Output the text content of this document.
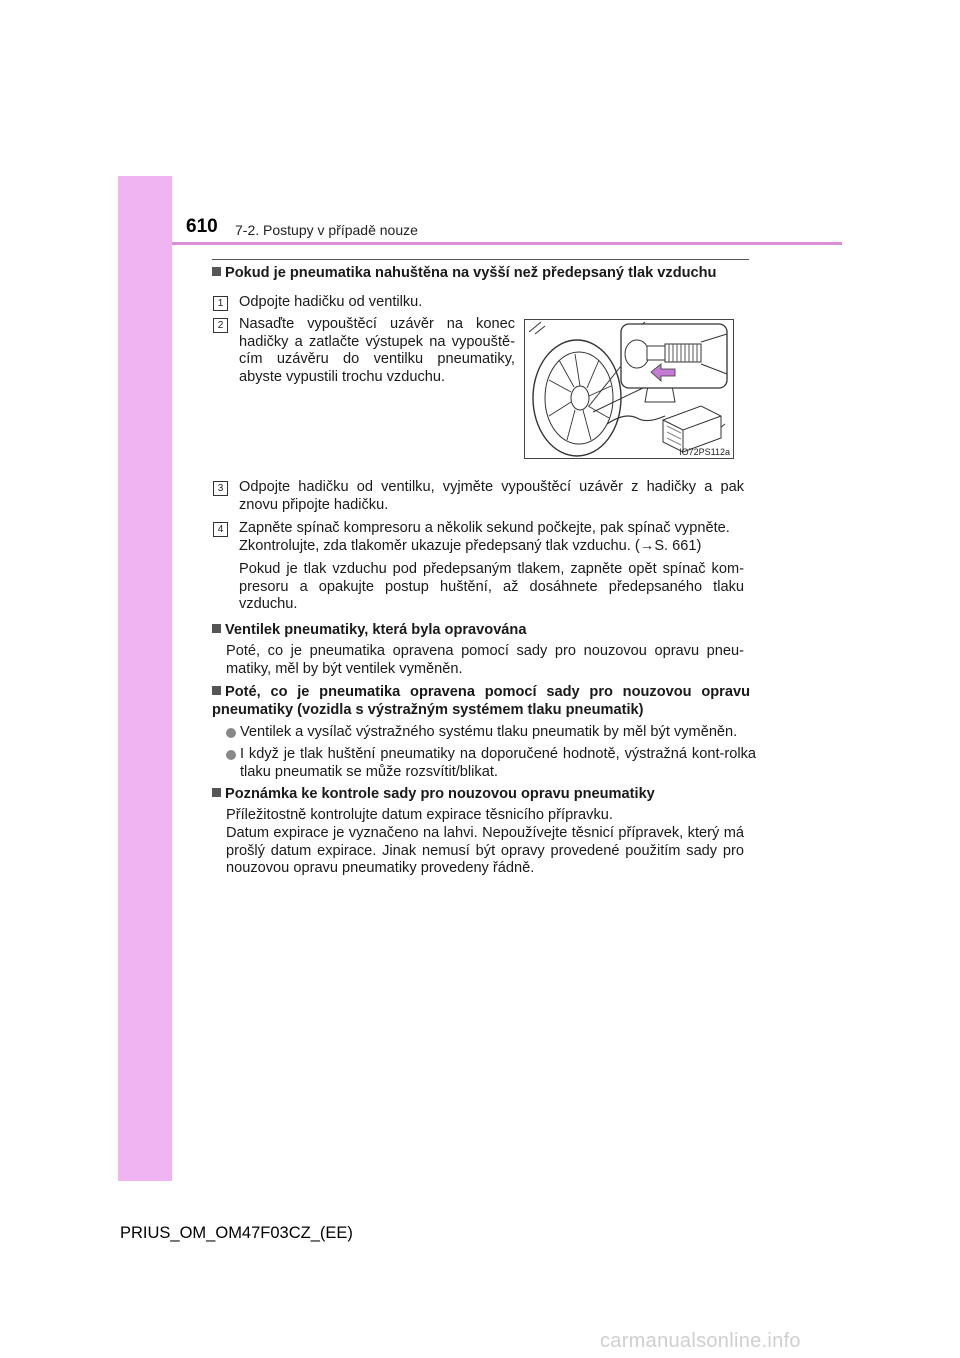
610 7-2. Postupy v případě nouze
Pokud je pneumatika nahuštěna na vyšší než předepsaný tlak vzduchu
1	Odpojte hadičku od ventilku.
2	Nasaďte vypouštěcí uzávěr na konec hadičky a zatlačte výstupek na vypouště-cím uzávěru do ventilku pneumatiky, abyste vypustili trochu vzduchu.
IO72PS112a
3	Odpojte hadičku od ventilku, vyjměte vypouštěcí uzávěr z hadičky a pak znovu připojte hadičku.
4	Zapněte spínač kompresoru a několik sekund počkejte, pak spínač vypněte. Zkontrolujte, zda tlakoměr ukazuje předepsaný tlak vzduchu. (→S. 661)
Pokud je tlak vzduchu pod předepsaným tlakem, zapněte opět spínač kom-presoru a opakujte postup huštění, až dosáhnete předepsaného tlaku vzduchu.
Ventilek pneumatiky, která byla opravována
Poté, co je pneumatika opravena pomocí sady pro nouzovou opravu pneu-matiky, měl by být ventilek vyměněn.
Poté, co je pneumatika opravena pomocí sady pro nouzovou opravu pneumatiky (vozidla s výstražným systémem tlaku pneumatik)
Ventilek a vysílač výstražného systému tlaku pneumatik by měl být vyměněn.
I když je tlak huštění pneumatiky na doporučené hodnotě, výstražná kont-rolka tlaku pneumatik se může rozsvítit/blikat.
Poznámka ke kontrole sady pro nouzovou opravu pneumatiky
Příležitostně kontrolujte datum expirace těsnicího přípravku.
Datum expirace je vyznačeno na lahvi. Nepoužívejte těsnicí přípravek, který má prošlý datum expirace. Jinak nemusí být opravy provedené použitím sady pro nouzovou opravu pneumatiky provedeny řádně.
PRIUS_OM_OM47F03CZ_(EE)
carmanualsonline.info
